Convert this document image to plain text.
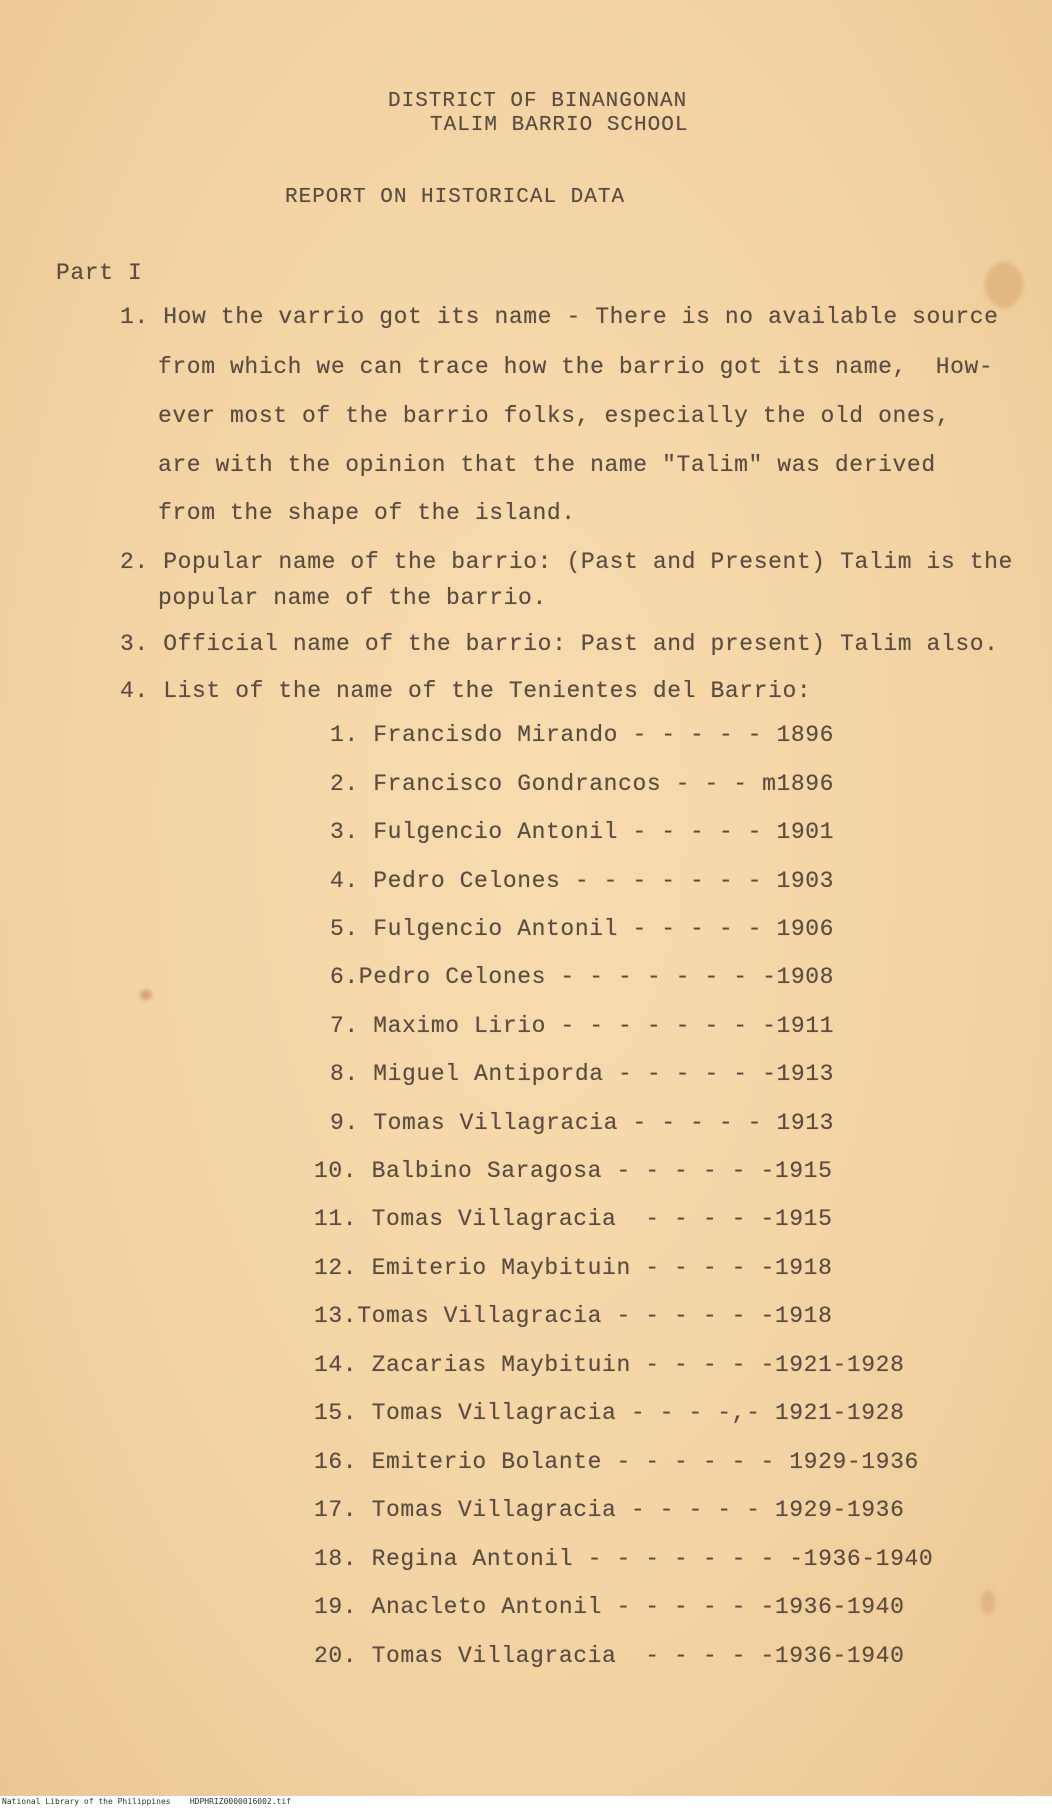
DISTRICT OF BINANGONAN
TALIM BARRIO SCHOOL
REPORT ON HISTORICAL DATA
Part I
1. How the varrio got its name - There is no available source
from which we can trace how the barrio got its name,  How-
ever most of the barrio folks, especially the old ones,
are with the opinion that the name "Talim" was derived
from the shape of the island.
2. Popular name of the barrio: (Past and Present) Talim is the
popular name of the barrio.
3. Official name of the barrio: Past and present) Talim also.
4. List of the name of the Tenientes del Barrio:
1. Francisdo Mirando - - - - - 1896
2. Francisco Gondrancos - - - m1896
3. Fulgencio Antonil - - - - - 1901
4. Pedro Celones - - - - - - - 1903
5. Fulgencio Antonil - - - - - 1906
6.Pedro Celones - - - - - - - -1908
7. Maximo Lirio - - - - - - - -1911
8. Miguel Antiporda - - - - - -1913
9. Tomas Villagracia - - - - - 1913
10. Balbino Saragosa - - - - - -1915
11. Tomas Villagracia  - - - - -1915
12. Emiterio Maybituin - - - - -1918
13.Tomas Villagracia - - - - - -1918
14. Zacarias Maybituin - - - - -1921-1928
15. Tomas Villagracia - - - -,- 1921-1928
16. Emiterio Bolante - - - - - - 1929-1936
17. Tomas Villagracia - - - - - 1929-1936
18. Regina Antonil - - - - - - - -1936-1940
19. Anacleto Antonil - - - - - -1936-1940
20. Tomas Villagracia  - - - - -1936-1940
National Library of the Philippines    HDPHRIZ0000016002.tif
